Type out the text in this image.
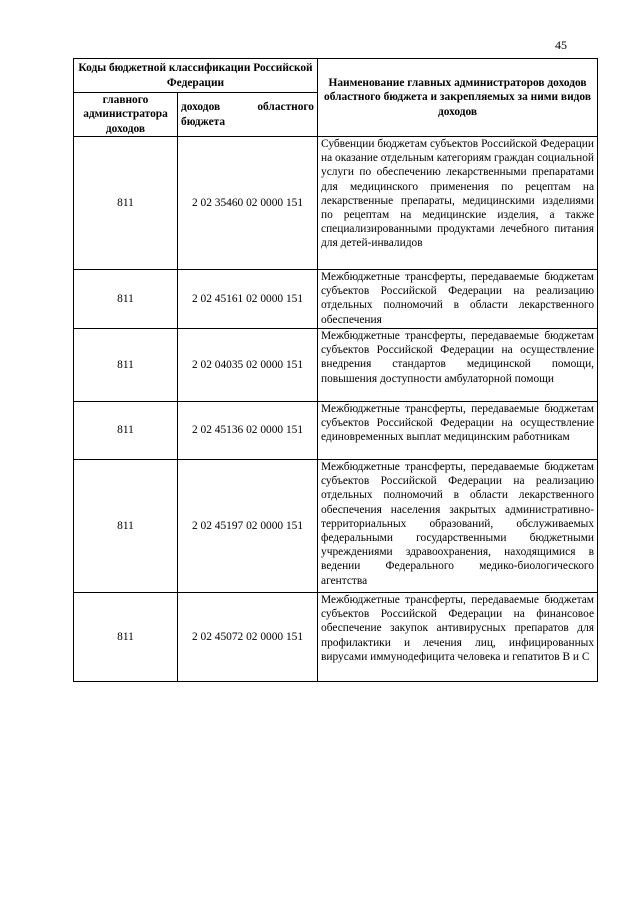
45
Коды бюджетной классификации Российской Федерации		Наименование главных администраторов доходов областного бюджета и закрепляемых за ними видов доходов
главного администратора доходов	доходов областного бюджета	
811	2 02 35460 02 0000 151	Субвенции бюджетам субъектов Российской Федерации на оказание отдельным категориям граждан социальной услуги по обеспечению лекарственными препаратами для медицинского применения по рецептам на лекарственные препараты, медицинскими изделиями по рецептам на медицинские изделия, а также специализированными продуктами лечебного питания для детей-инвалидов
811	2 02 45161 02 0000 151	Межбюджетные трансферты, передаваемые бюджетам субъектов Российской Федерации на реализацию отдельных полномочий в области лекарственного обеспечения
811	2 02 04035 02 0000 151	Межбюджетные трансферты, передаваемые бюджетам субъектов Российской Федерации на осуществление внедрения стандартов медицинской помощи, повышения доступности амбулаторной помощи
811	2 02 45136 02 0000 151	Межбюджетные трансферты, передаваемые бюджетам субъектов Российской Федерации на осуществление единовременных выплат медицинским работникам
811	2 02 45197 02 0000 151	Межбюджетные трансферты, передаваемые бюджетам субъектов Российской Федерации на реализацию отдельных полномочий в области лекарственного обеспечения населения закрытых административно-территориальных образований, обслуживаемых федеральными государственными бюджетными учреждениями здравоохранения, находящимися в ведении Федерального медико-биологического агентства
811	2 02 45072 02 0000 151	Межбюджетные трансферты, передаваемые бюджетам субъектов Российской Федерации на финансовое обеспечение закупок антивирусных препаратов для профилактики и лечения лиц, инфицированных вирусами иммунодефицита человека и гепатитов B и C
